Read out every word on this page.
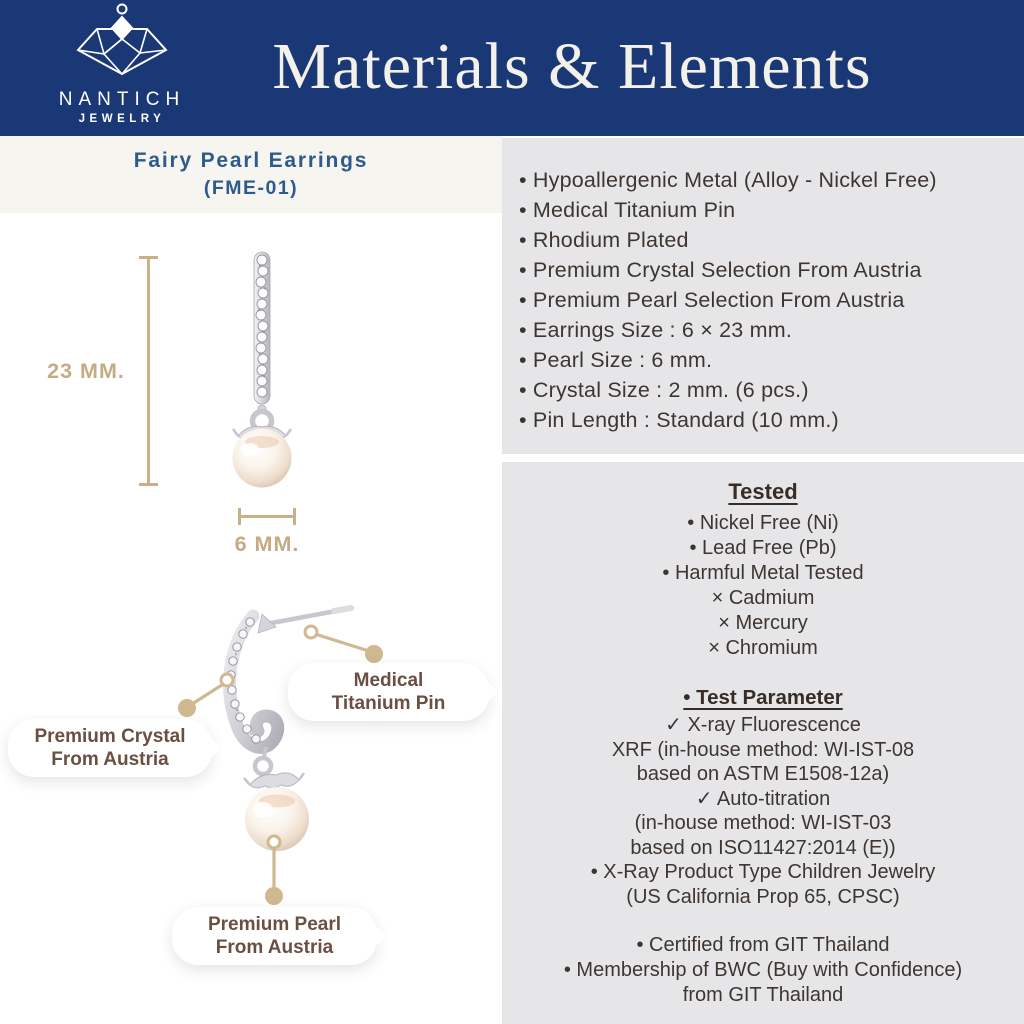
NANTICH
JEWELRY
Materials & Elements
Fairy Pearl Earrings
(FME-01)
23 MM.
6 MM.
Medical
Titanium Pin
Premium Crystal
From Austria
Premium Pearl
From Austria
• Hypoallergenic Metal (Alloy - Nickel Free)
• Medical Titanium Pin
• Rhodium Plated
• Premium Crystal Selection From Austria
• Premium Pearl Selection From Austria
• Earrings Size : 6 × 23 mm.
• Pearl Size : 6 mm.
• Crystal Size : 2 mm. (6 pcs.)
• Pin Length : Standard (10 mm.)
Tested
• Nickel Free (Ni)
• Lead Free (Pb)
• Harmful Metal Tested
× Cadmium
× Mercury
× Chromium
• Test Parameter
✓ X-ray Fluorescence
XRF (in-house method: WI-IST-08
based on ASTM E1508-12a)
✓ Auto-titration
(in-house method: WI-IST-03
based on ISO11427:2014 (E))
• X-Ray Product Type Children Jewelry
(US California Prop 65, CPSC)
• Certified from GIT Thailand
• Membership of BWC (Buy with Confidence)
from GIT Thailand
